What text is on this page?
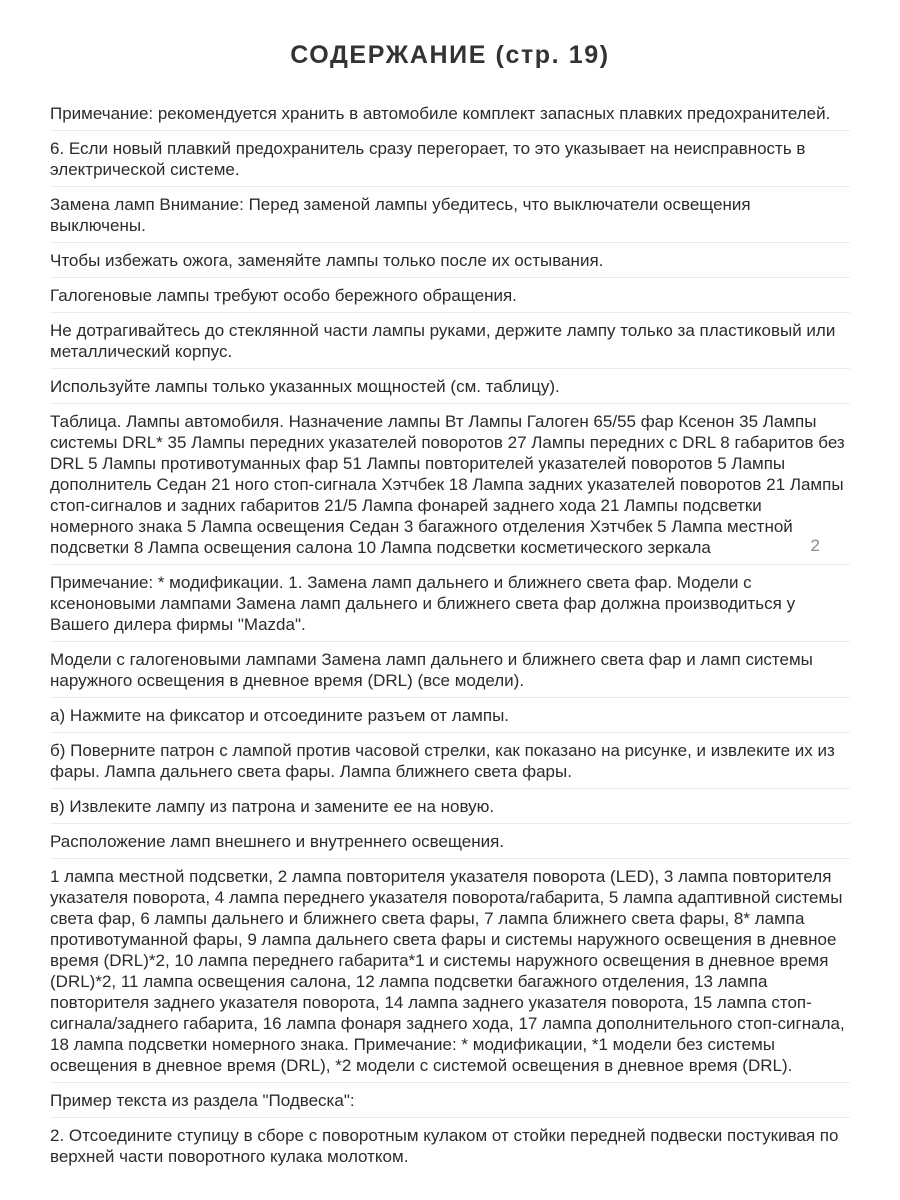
СОДЕРЖАНИЕ (стр. 19)
Примечание: рекомендуется хранить в автомобиле комплект запасных плавких предохранителей.
6. Если новый плавкий предохранитель сразу перегорает, то это указывает на неисправность в электрической системе.
Замена ламп Внимание: Перед заменой лампы убедитесь, что выключатели освещения выключены.
Чтобы избежать ожога, заменяйте лампы только после их остывания.
Галогеновые лампы требуют особо бережного обращения.
Не дотрагивайтесь до стеклянной части лампы руками, держите лампу только за пластиковый или металлический корпус.
Используйте лампы только указанных мощностей (см. таблицу).
Таблица. Лампы автомобиля. Назначение лампы Вт Лампы Галоген 65/55 фар Ксенон 35 Лампы системы DRL* 35 Лампы передних указателей поворотов 27 Лампы передних с DRL 8 габаритов без DRL 5 Лампы противотуманных фар 51 Лампы повторителей указателей поворотов 5 Лампы дополнитель Седан 21 ного стоп-сигнала Хэтчбек 18 Лампа задних указателей поворотов 21 Лампы стоп-сигналов и задних габаритов 21/5 Лампа фонарей заднего хода 21 Лампы подсветки номерного знака 5 Лампа освещения Седан 3 багажного отделения Хэтчбек 5 Лампа местной подсветки 8 Лампа освещения салона 10 Лампа подсветки косметического зеркала	2
Примечание: * модификации. 1. Замена ламп дальнего и ближнего света фар. Модели с ксеноновыми лампами Замена ламп дальнего и ближнего света фар должна производиться у Вашего дилера фирмы "Mazda".
Модели с галогеновыми лампами Замена ламп дальнего и ближнего света фар и ламп системы наружного освещения в дневное время (DRL) (все модели).
а) Нажмите на фиксатор и отсоедините разъем от лампы.
б) Поверните патрон с лампой против часовой стрелки, как показано на рисунке, и извлеките их из фары. Лампа дальнего света фары. Лампа ближнего света фары.
в) Извлеките лампу из патрона и замените ее на новую.
Расположение ламп внешнего и внутреннего освещения.
1 лампа местной подсветки, 2 лампа повторителя указателя поворота (LED), 3 лампа повторителя указателя поворота, 4 лампа переднего указателя поворота/габарита, 5 лампа адаптивной системы света фар, 6 лампы дальнего и ближнего света фары, 7 лампа ближнего света фары, 8* лампа противотуманной фары, 9 лампа дальнего света фары и системы наружного освещения в дневное время (DRL)*2, 10 лампа переднего габарита*1 и системы наружного освещения в дневное время (DRL)*2, 11 лампа освещения салона, 12 лампа подсветки багажного отделения, 13 лампа повторителя заднего указателя поворота, 14 лампа заднего указателя поворота, 15 лампа стоп-сигнала/заднего габарита, 16 лампа фонаря заднего хода, 17 лампа дополнительного стоп-сигнала, 18 лампа подсветки номерного знака. Примечание: * модификации, *1 модели без системы освещения в дневное время (DRL), *2 модели с системой освещения в дневное время (DRL).
Пример текста из раздела "Подвеска":
2. Отсоедините ступицу в сборе с поворотным кулаком от стойки передней подвески постукивая по верхней части поворотного кулака молотком.
